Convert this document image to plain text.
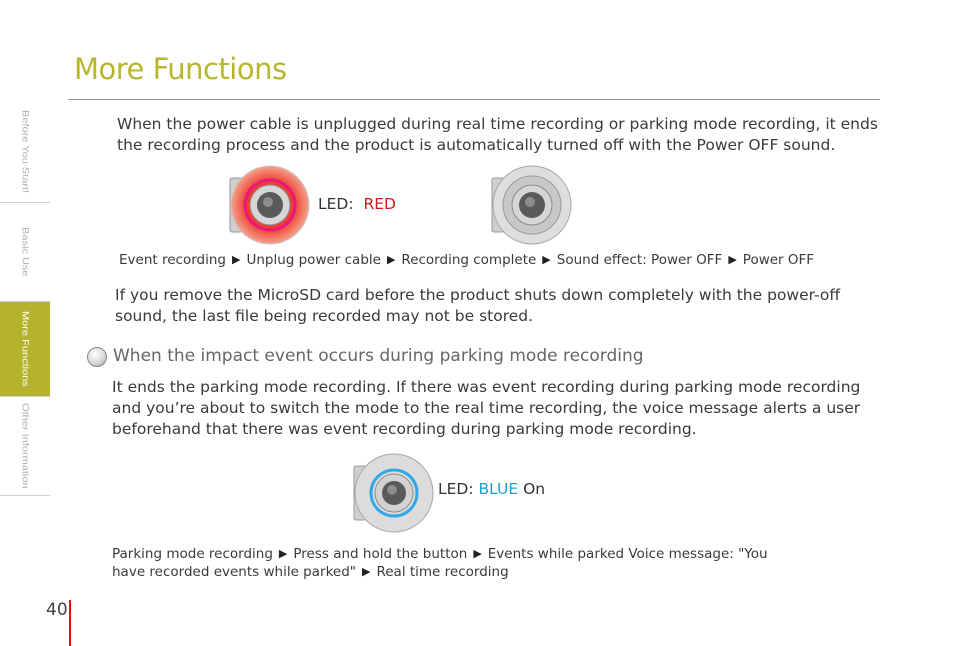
Before You Start!
Basic Use
More Functions
Other Information
More Functions

When the power cable is unplugged during real time recording or parking mode recording, it ends the recording process and the product is automatically turned off with the Power OFF sound.

LED: RED

Event recording ▶ Unplug power cable ▶ Recording complete ▶ Sound effect: Power OFF ▶ Power OFF

If you remove the MicroSD card before the product shuts down completely with the power-off sound, the last file being recorded may not be stored.

When the impact event occurs during parking mode recording

It ends the parking mode recording. If there was event recording during parking mode recording and you’re about to switch the mode to the real time recording, the voice message alerts a user beforehand that there was event recording during parking mode recording.

LED: BLUE On

Parking mode recording ▶ Press and hold the button ▶ Events while parked Voice message: "You

have recorded events while parked" ▶ Real time recording

40
